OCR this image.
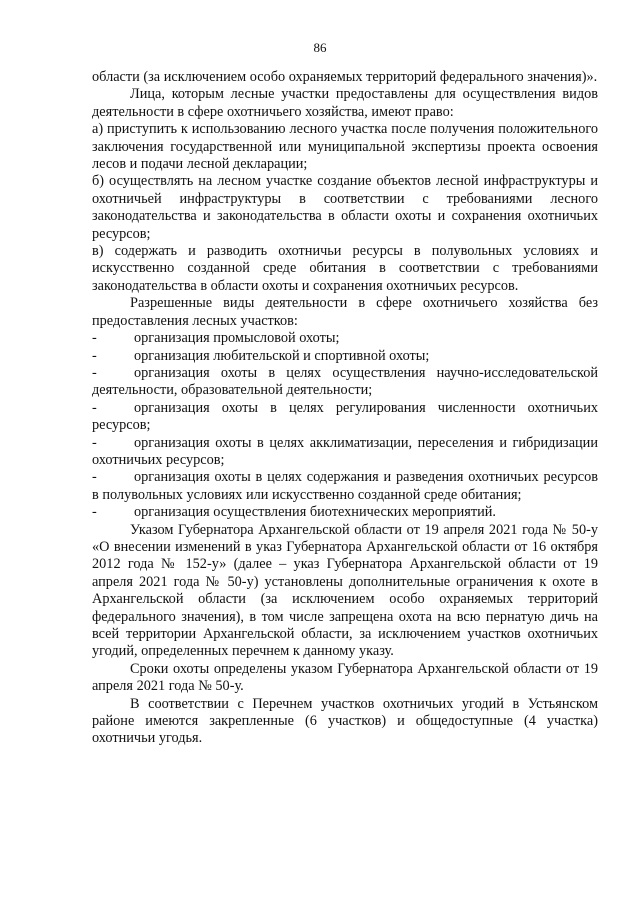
86

области (за исключением особо охраняемых территорий федерального значения)».

Лица, которым лесные участки предоставлены для осуществления видов деятельности в сфере охотничьего хозяйства, имеют право:

а) приступить к использованию лесного участка после получения положительного заключения государственной или муниципальной экспертизы проекта освоения лесов и подачи лесной декларации;

б) осуществлять на лесном участке создание объектов лесной инфраструктуры и охотничьей инфраструктуры в соответствии с требованиями лесного законодательства и законодательства в области охоты и сохранения охотничьих ресурсов;

в) содержать и разводить охотничьи ресурсы в полувольных условиях и искусственно созданной среде обитания в соответствии с требованиями законодательства в области охоты и сохранения охотничьих ресурсов.

Разрешенные виды деятельности в сфере охотничьего хозяйства без предоставления лесных участков:

-	организация промысловой охоты;
-	организация любительской и спортивной охоты;

-	организация охоты в целях осуществления научно-исследовательской деятельности, образовательной деятельности;

-	организация охоты в целях регулирования численности охотничьих ресурсов;

-	организация охоты в целях акклиматизации, переселения и гибридизации охотничьих ресурсов;

-	организация охоты в целях содержания и разведения охотничьих ресурсов в полувольных условиях или искусственно созданной среде обитания;

-	организация осуществления биотехнических мероприятий.

Указом Губернатора Архангельской области от 19 апреля 2021 года № 50-у «О внесении изменений в указ Губернатора Архангельской области от 16 октября 2012 года № 152-у» (далее – указ Губернатора Архангельской области от 19 апреля 2021 года № 50-у) установлены дополнительные ограничения к охоте в Архангельской области (за исключением особо охраняемых территорий федерального значения), в том числе запрещена охота на всю пернатую дичь на всей территории Архангельской области, за исключением участков охотничьих угодий, определенных перечнем к данному указу.

Сроки охоты определены указом Губернатора Архангельской области от 19 апреля 2021 года № 50-у.

В соответствии с Перечнем участков охотничьих угодий в Устьянском районе имеются закрепленные (6 участков) и общедоступные (4 участка) охотничьи угодья.
